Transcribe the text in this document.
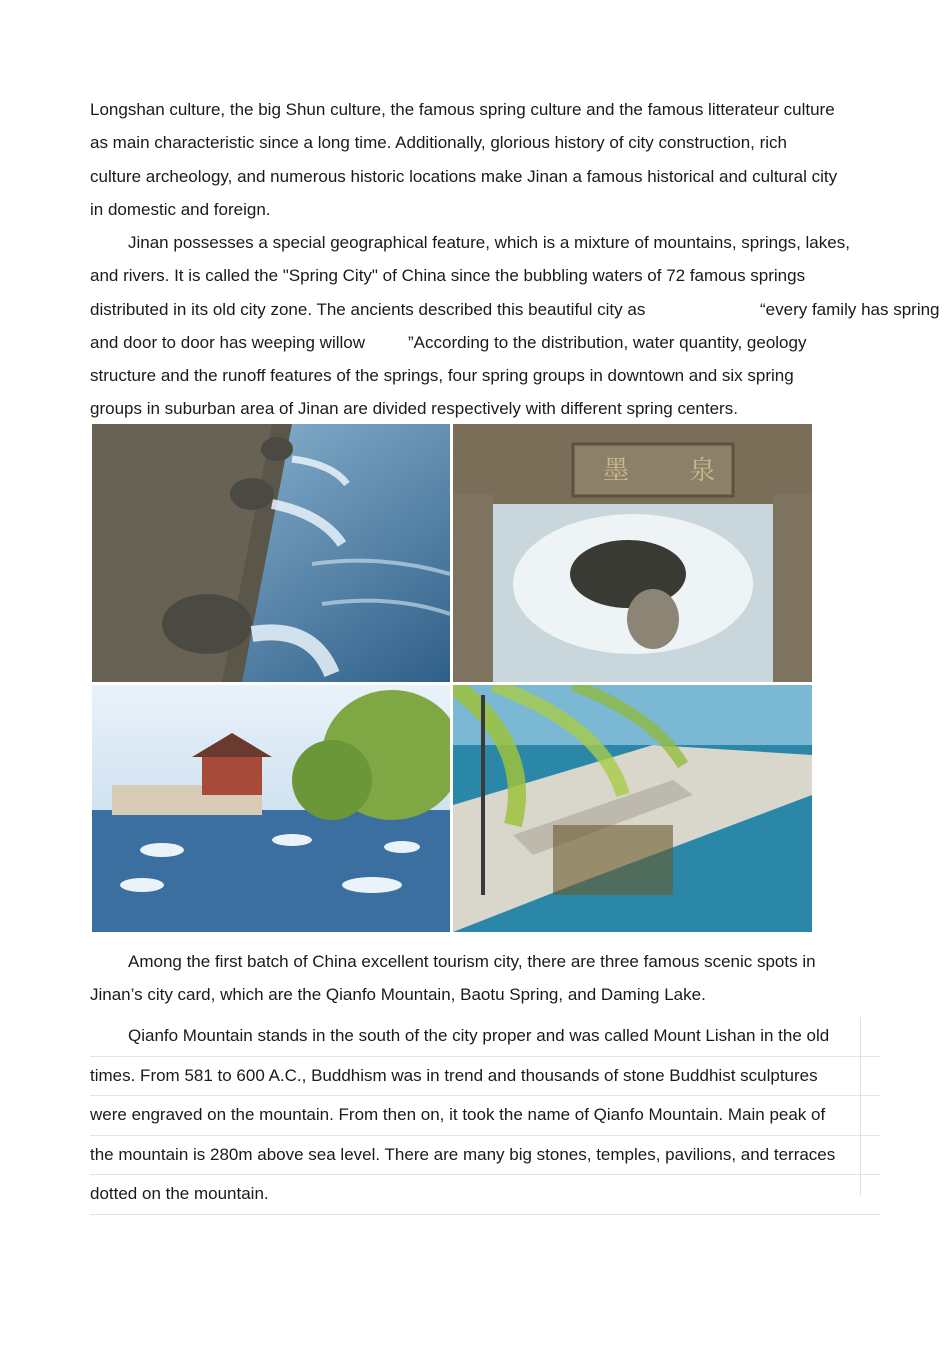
Longshan culture, the big Shun culture, the famous spring culture and the famous litterateur culture
as main characteristic since a long time. Additionally, glorious history of city construction, rich
culture archeology, and numerous historic locations make Jinan a famous historical and cultural city
in domestic and foreign.
Jinan possesses a special geographical feature, which is a mixture of mountains, springs, lakes,
and rivers. It is called the "Spring City" of China since the bubbling waters of 72 famous springs
distributed in its old city zone. The ancients described this beautiful city as	“every family has spring
and door to door has weeping willow	”According to the distribution, water quantity, geology
structure and the runoff features of the springs, four spring groups in downtown and six spring
groups in suburban area of Jinan are divided respectively with different spring centers.
墨 泉
Among the first batch of China excellent tourism city, there are three famous scenic spots in
Jinan’s city card, which are the Qianfo Mountain, Baotu Spring, and Daming Lake.
Qianfo Mountain stands in the south of the city proper and was called Mount Lishan in the old
times. From 581 to 600 A.C., Buddhism was in trend and thousands of stone Buddhist sculptures
were engraved on the mountain. From then on, it took the name of Qianfo Mountain. Main peak of
the mountain is 280m above sea level. There are many big stones, temples, pavilions, and terraces
dotted on the mountain.
